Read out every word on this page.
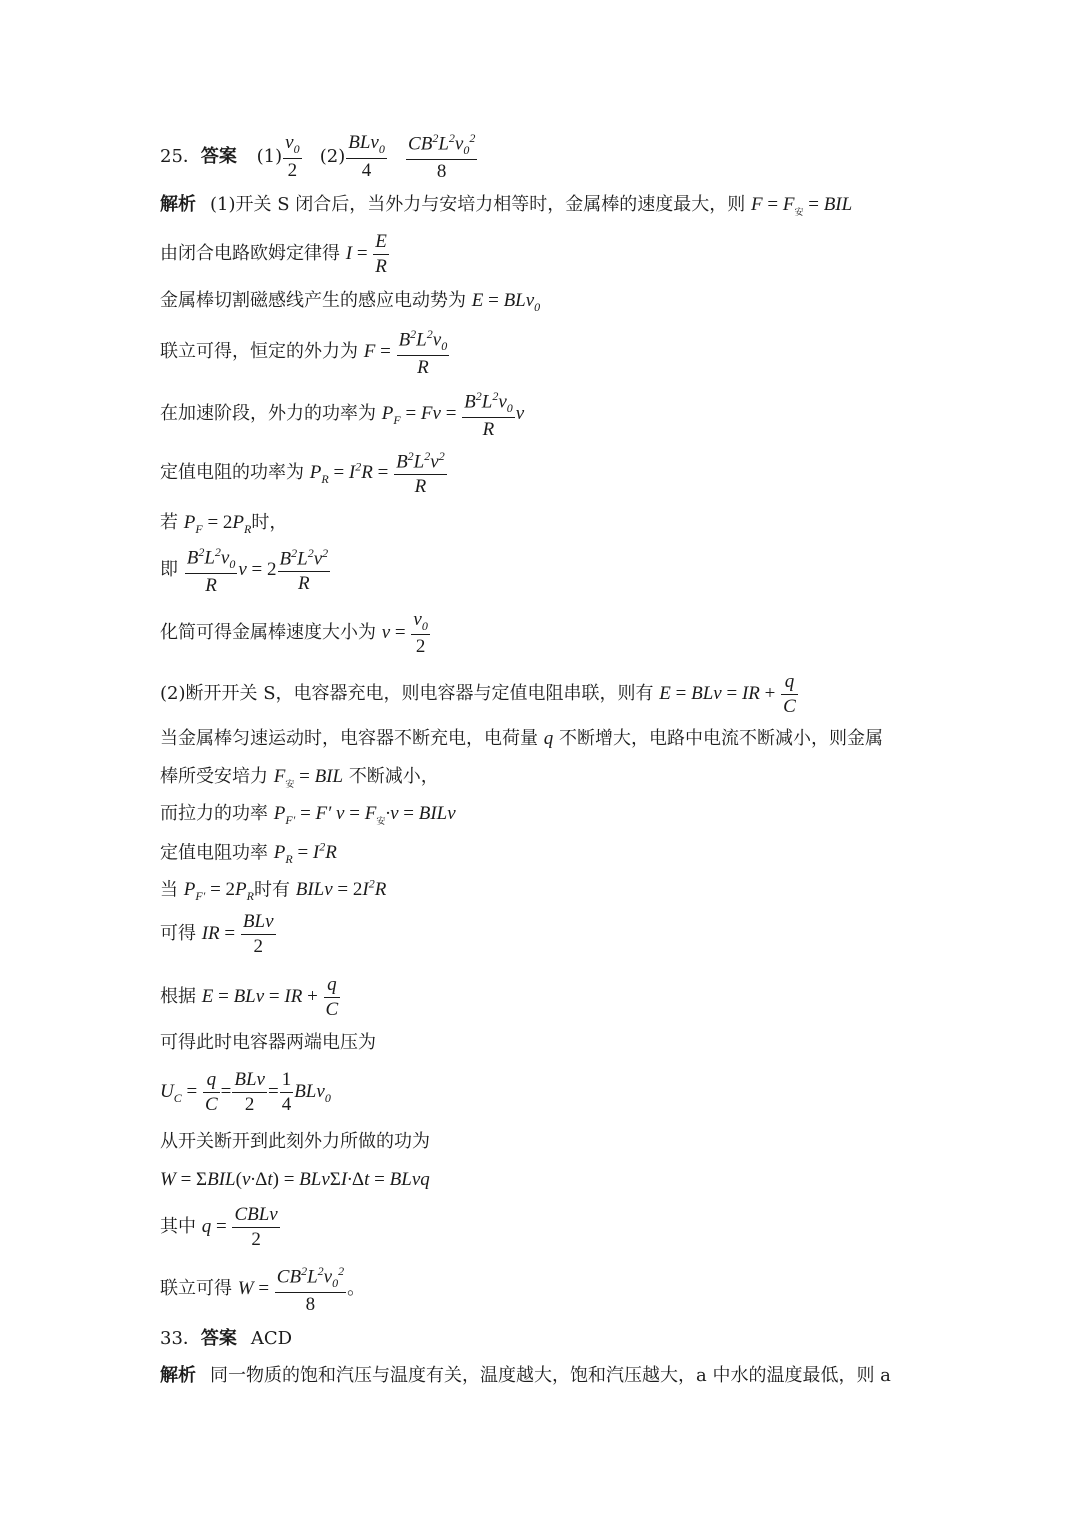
25．答案 $(1) \frac{v_0}{2} (2) \frac{BLv_0}{4}$
$\frac{CB^2L^2v_0^2}{8}$
解析 (1)开关 S 闭合后，当外力与安培力相等时，金属棒的速度最大，则 $F = F_安$ = BIL
由闭合电路欧姆定律得 $I = \frac{E}{R}$
金属棒切割磁感线产生的感应电动势为 E = BLv$_0$
联立可得，恒定的外力为 $F = \frac{B^2L^2v_0}{R}$
在加速阶段，外力的功率为 $P_F = Fv = \frac{B^2L^2v_0}{R}$ v
定值电阻的功率为 $P_R = I^2R = \frac{B^2L^2v^2}{R}$
若 $P_F = 2P_R$时，
即 $\frac{B^2L^2v_0}{R}$ $v = 2 \frac{B^2L^2v^2}{R}$
化简可得金属棒速度大小为 $v = \frac{v_0}{2}$
(2)断开开关 S，电容器充电，则电容器与定值电阻串联，则有 E = BLv = IR + $\frac{q}{C}$
当金属棒匀速运动时，电容器不断充电，电荷量 q 不断增大，电路中电流不断减小，则金属
棒所受安培力 $F_安$ = BIL 不断减小，
而拉力的功率 $P_{F'} = F'$ $v = F_安\cdot v$ = BILv
定值电阻功率 $P_R = I^2R$
当 $P_{F'} = 2P_R$时有 BILv = $2I^2R$
可得 IR = $\frac{\text{BLv}}{2}$
根据 E = BLv = IR + $\frac{q}{C}$
可得此时电容器两端电压为
$U_C = \frac{q}{C} = \frac{\text{BLv}}{2} = \frac{1}{4} BLv_0$
从开关断开到此刻外力所做的功为
W = ΣBIL(v·Δt) = BLvΣI·Δt = BLvq
其中 $q = \frac{\text{CBLv}}{2}$
联立可得 $W = \frac{CB^2L^2v_0^2}{8}$ 。
33．答案 ACD
解析 同一物质的饱和汽压与温度有关，温度越大，饱和汽压越大，a 中水的温度最低，则 a
